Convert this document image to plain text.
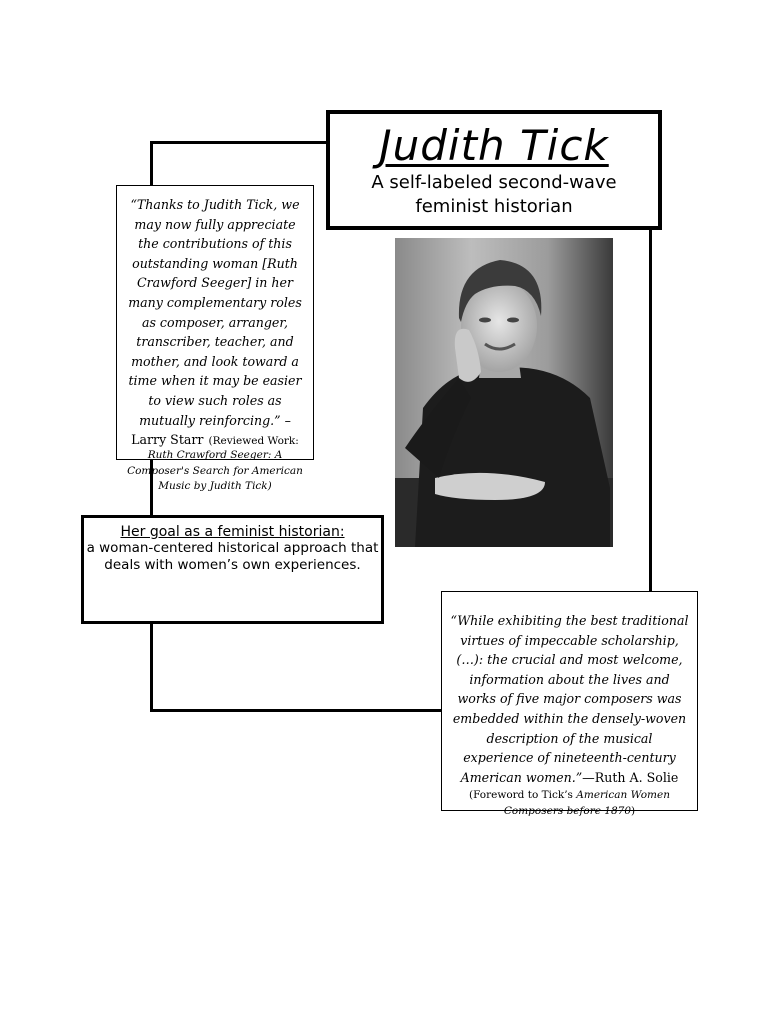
Judith Tick
A self-labeled second-wave
feminist historian
“Thanks to Judith Tick, we may now fully appreciate the contributions of this outstanding woman [Ruth Crawford Seeger] in her many complementary roles as composer, arranger, transcriber, teacher, and mother, and look toward a time when it may be easier to view such roles as mutually reinforcing.” – Larry Starr (Reviewed Work:
Ruth Crawford Seeger: A Composer's Search for American Music by Judith Tick)
Her goal as a feminist historian:
a woman-centered historical approach that deals with women’s own experiences.
“While exhibiting the best traditional virtues of impeccable scholarship, (…): the crucial and most welcome, information about the lives and works of five major composers was embedded within the densely-woven description of the musical experience of nineteenth-century American women.”—Ruth A. Solie
(Foreword to Tick’s American Women Composers before 1870)
